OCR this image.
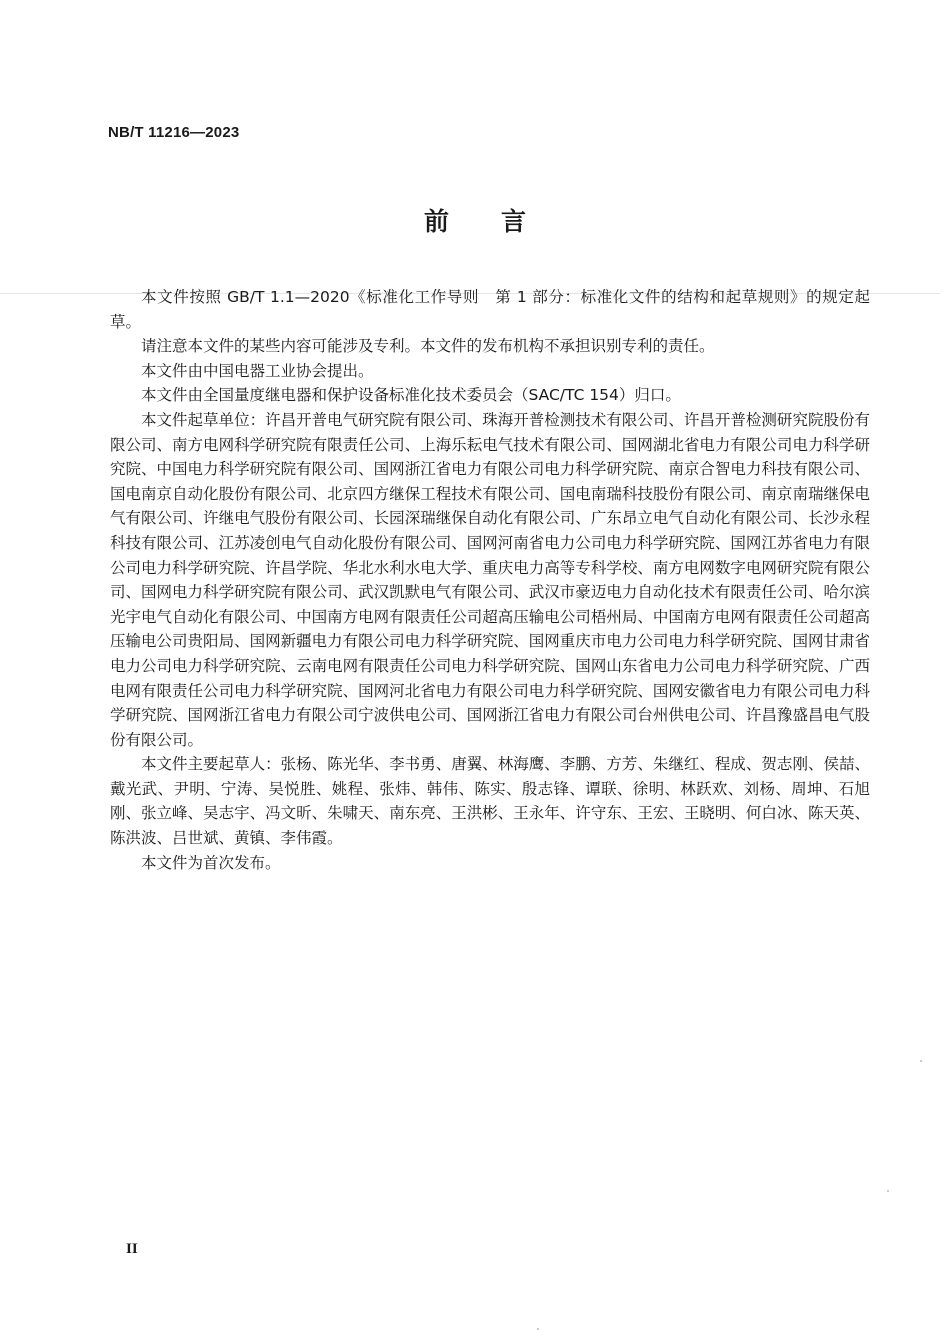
NB/T 11216—2023
前言

本文件按照 GB/T 1.1—2020《标准化工作导则　第 1 部分：标准化文件的结构和起草规则》的规定起草。

请注意本文件的某些内容可能涉及专利。本文件的发布机构不承担识别专利的责任。

本文件由中国电器工业协会提出。

本文件由全国量度继电器和保护设备标准化技术委员会（SAC/TC 154）归口。

本文件起草单位：许昌开普电气研究院有限公司、珠海开普检测技术有限公司、许昌开普检测研究院股份有限公司、南方电网科学研究院有限责任公司、上海乐耘电气技术有限公司、国网湖北省电力有限公司电力科学研究院、中国电力科学研究院有限公司、国网浙江省电力有限公司电力科学研究院、南京合智电力科技有限公司、国电南京自动化股份有限公司、北京四方继保工程技术有限公司、国电南瑞科技股份有限公司、南京南瑞继保电气有限公司、许继电气股份有限公司、长园深瑞继保自动化有限公司、广东昂立电气自动化有限公司、长沙永程科技有限公司、江苏凌创电气自动化股份有限公司、国网河南省电力公司电力科学研究院、国网江苏省电力有限公司电力科学研究院、许昌学院、华北水利水电大学、重庆电力高等专科学校、南方电网数字电网研究院有限公司、国网电力科学研究院有限公司、武汉凯默电气有限公司、武汉市豪迈电力自动化技术有限责任公司、哈尔滨光宇电气自动化有限公司、中国南方电网有限责任公司超高压输电公司梧州局、中国南方电网有限责任公司超高压输电公司贵阳局、国网新疆电力有限公司电力科学研究院、国网重庆市电力公司电力科学研究院、国网甘肃省电力公司电力科学研究院、云南电网有限责任公司电力科学研究院、国网山东省电力公司电力科学研究院、广西电网有限责任公司电力科学研究院、国网河北省电力有限公司电力科学研究院、国网安徽省电力有限公司电力科学研究院、国网浙江省电力有限公司宁波供电公司、国网浙江省电力有限公司台州供电公司、许昌豫盛昌电气股份有限公司。

本文件主要起草人：张杨、陈光华、李书勇、唐翼、林海鹰、李鹏、方芳、朱继红、程成、贺志刚、侯喆、戴光武、尹明、宁涛、吴悦胜、姚程、张炜、韩伟、陈实、殷志锋、谭联、徐明、林跃欢、刘杨、周坤、石旭刚、张立峰、吴志宇、冯文昕、朱啸天、南东亮、王洪彬、王永年、许守东、王宏、王晓明、何白冰、陈天英、陈洪波、吕世斌、黄镇、李伟霞。

本文件为首次发布。

II
